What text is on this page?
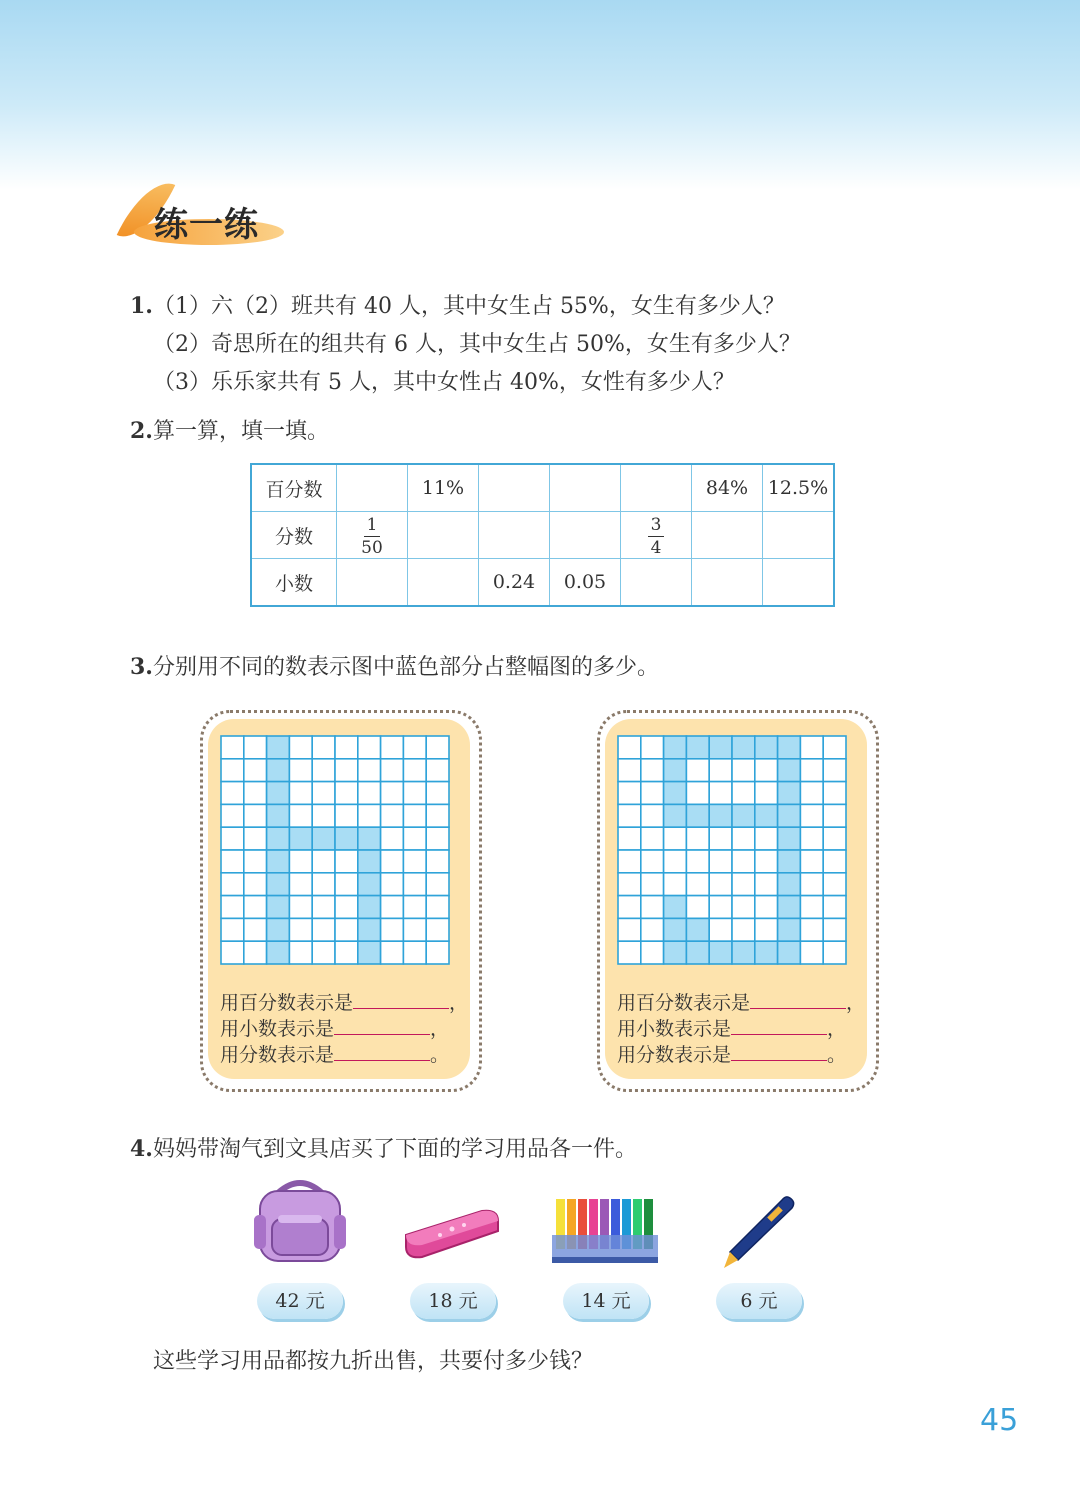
练一练
1.（1）六（2）班共有 40 人，其中女生占 55%，女生有多少人？
（2）奇思所在的组共有 6 人，其中女生占 50%，女生有多少人？
（3）乐乐家共有 5 人，其中女性占 40%，女性有多少人？
2.算一算，填一填。
百分数		11%				84%	12.5%
分数	$\frac{1}{50}$				$\frac{3}{4}$

小数			0.24	0.05			
3.分别用不同的数表示图中蓝色部分占整幅图的多少。
用百分数表示是	，
用小数表示是	，
用分数表示是	。
用百分数表示是	，
用小数表示是	，
用分数表示是	。
4.妈妈带淘气到文具店买了下面的学习用品各一件。
42 元	18 元	14 元	6 元
这些学习用品都按九折出售，共要付多少钱？
45
